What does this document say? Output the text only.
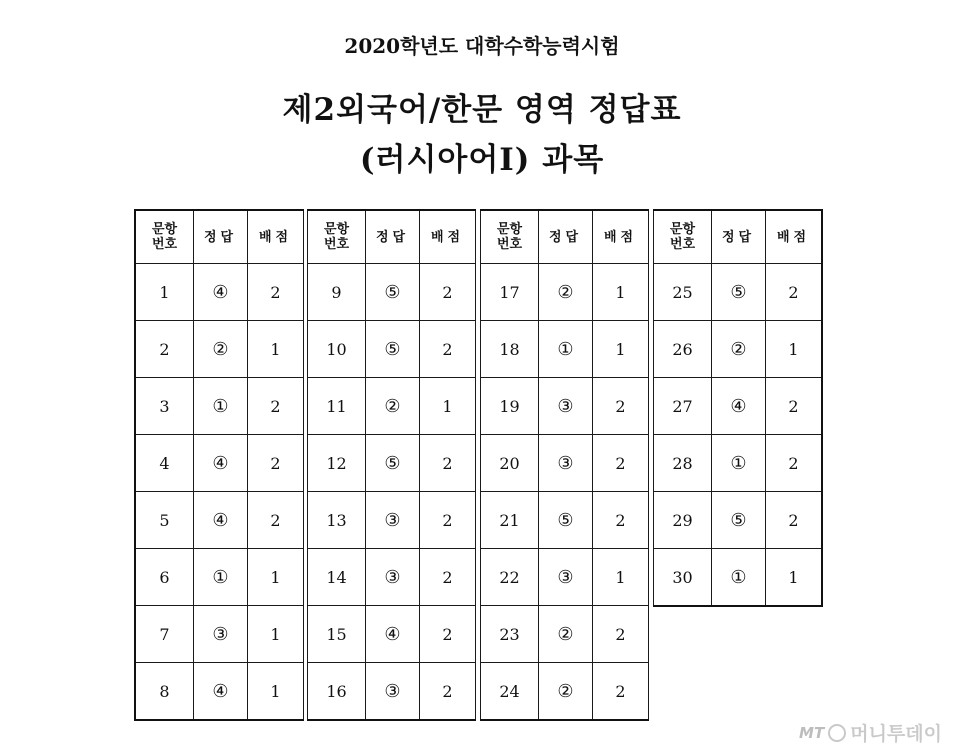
2020학년도 대학수학능력시험
제2외국어/한문 영역 정답표
(러시아어Ⅰ) 과목
문항
번호	정답	배점
1	④	2
2	②	1
3	①	2
4	④	2
5	④	2
6	①	1
7	③	1
8	④	1
문항
번호	정답	배점
9	⑤	2
10	⑤	2
11	②	1
12	⑤	2
13	③	2
14	③	2
15	④	2
16	③	2
문항
번호	정답	배점
17	②	1
18	①	1
19	③	2
20	③	2
21	⑤	2
22	③	1
23	②	2
24	②	2
문항
번호	정답	배점
25	⑤	2
26	②	1
27	④	2
28	①	2
29	⑤	2
30	①	1
MT 머니투데이
